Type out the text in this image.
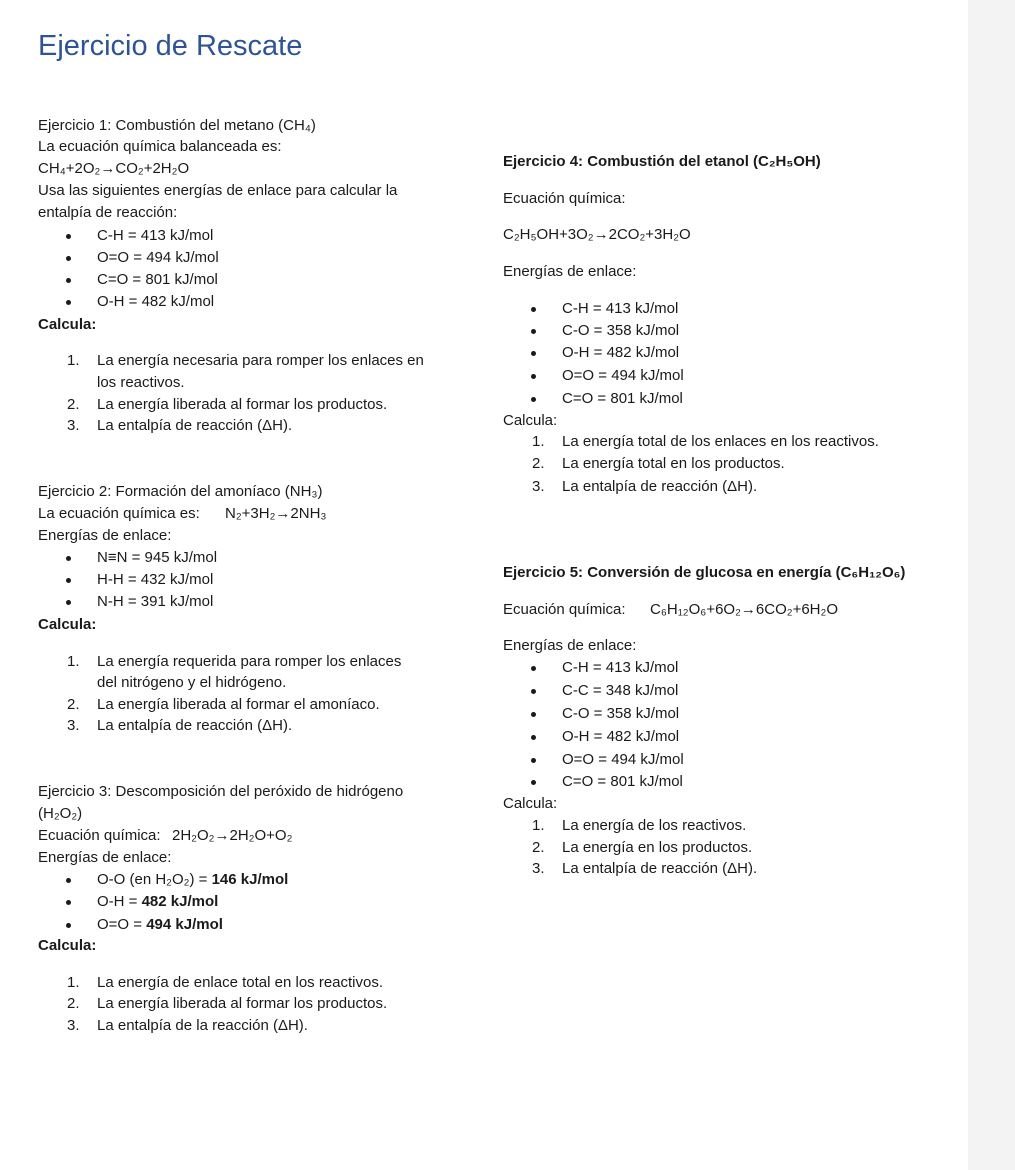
Ejercicio de Rescate
Ejercicio 1: Combustión del metano (CH₄)
La ecuación química balanceada es:
CH₄+2O₂→CO₂+2H₂O
Usa las siguientes energías de enlace para calcular la
entalpía de reacción:
C-H = 413 kJ/mol
O=O = 494 kJ/mol
C=O = 801 kJ/mol
O-H = 482 kJ/mol
Calcula:
1. La energía necesaria para romper los enlaces en
los reactivos.
2. La energía liberada al formar los productos.
3. La entalpía de reacción (ΔH).
Ejercicio 2: Formación del amoníaco (NH₃)
La ecuación química es: N₂+3H₂→2NH₃
Energías de enlace:
N≡N = 945 kJ/mol
H-H = 432 kJ/mol
N-H = 391 kJ/mol
Calcula:
1. La energía requerida para romper los enlaces
del nitrógeno y el hidrógeno.
2. La energía liberada al formar el amoníaco.
3. La entalpía de reacción (ΔH).
Ejercicio 3: Descomposición del peróxido de hidrógeno
(H₂O₂)
Ecuación química: 2H₂O₂→2H₂O+O₂
Energías de enlace:
O-O (en H₂O₂) = 146 kJ/mol
O-H = 482 kJ/mol
O=O = 494 kJ/mol
Calcula:
1. La energía de enlace total en los reactivos.
2. La energía liberada al formar los productos.
3. La entalpía de la reacción (ΔH).
Ejercicio 4: Combustión del etanol (C₂H₅OH)
Ecuación química:
C₂H₅OH+3O₂→2CO₂+3H₂O
Energías de enlace:
C-H = 413 kJ/mol
C-O = 358 kJ/mol
O-H = 482 kJ/mol
O=O = 494 kJ/mol
C=O = 801 kJ/mol
Calcula:
1. La energía total de los enlaces en los reactivos.
2. La energía total en los productos.
3. La entalpía de reacción (ΔH).
Ejercicio 5: Conversión de glucosa en energía (C₆H₁₂O₆)
Ecuación química: C₆H₁₂O₆+6O₂→6CO₂+6H₂O
Energías de enlace:
C-H = 413 kJ/mol
C-C = 348 kJ/mol
C-O = 358 kJ/mol
O-H = 482 kJ/mol
O=O = 494 kJ/mol
C=O = 801 kJ/mol
Calcula:
1. La energía de los reactivos.
2. La energía en los productos.
3. La entalpía de reacción (ΔH).
